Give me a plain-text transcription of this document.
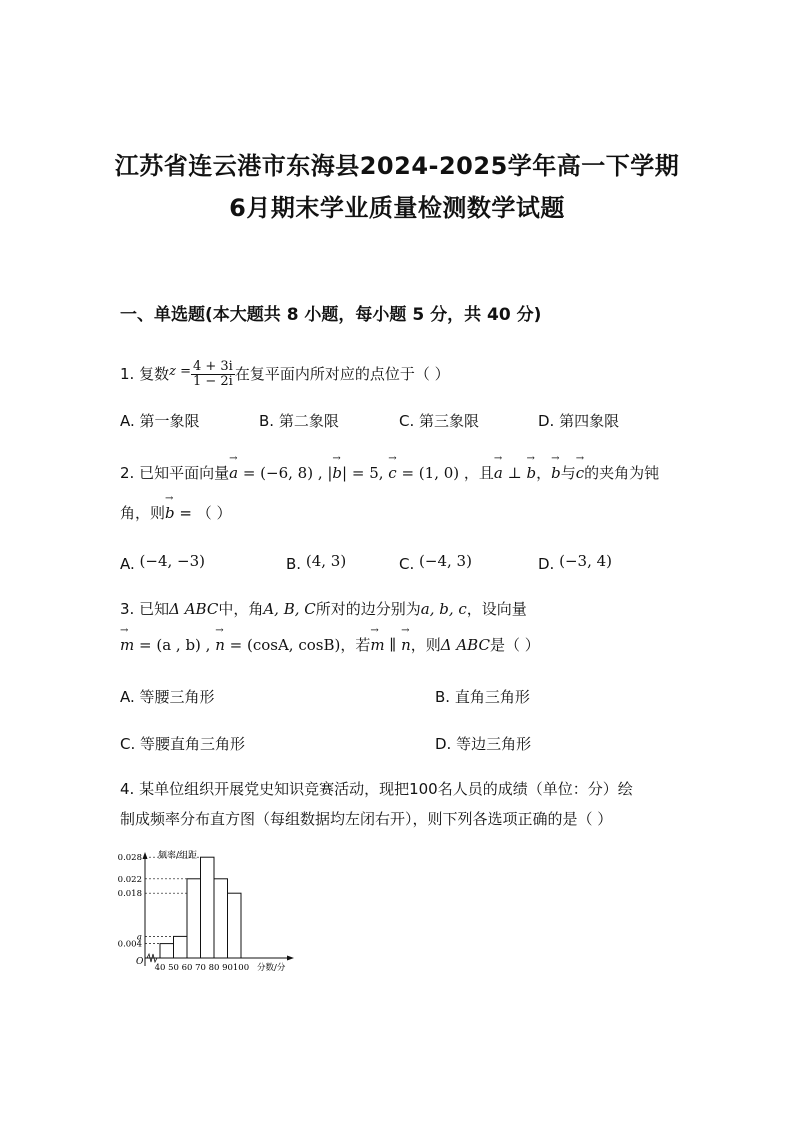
江苏省连云港市东海县2024-2025学年高一下学期
6月期末学业质量检测数学试题
一、单选题(本大题共 8 小题，每小题 5 分，共 40 分)
1. 复数$z = \frac{4 + 3i}{1 - 2i}$ 在复平面内所对应的点位于（ ）
A. 第一象限	B. 第二象限	C. 第三象限	D. 第四象限
2. 已知平面向量→ a = (−6, 8) , |→ b| = 5, → c = (1, 0) ，且→ a ⊥ → b，→ b与→ c的夹角为钝
角，则→ b = （ ）
A. (−4, −3)	B. (4, 3)	C. (−4, 3)	D. (−3, 4)
3. 已知Δ ABC中，角A, B, C所对的边分别为a, b, c，设向量
→ m = (a , b) , → n = (cosA, cosB)，若→ m ∥ → n，则Δ ABC是（ ）
A. 等腰三角形	B. 直角三角形
C. 等腰直角三角形	D. 等边三角形
4. 某单位组织开展党史知识竞赛活动，现把100名人员的成绩（单位：分）绘
制成频率分布直方图（每组数据均左闭右开），则下列各选项正确的是（ ）
频率/组距
分数/分
O
0.028
0.022
0.018
a
0.004
40 50 60 70 80 90 100
